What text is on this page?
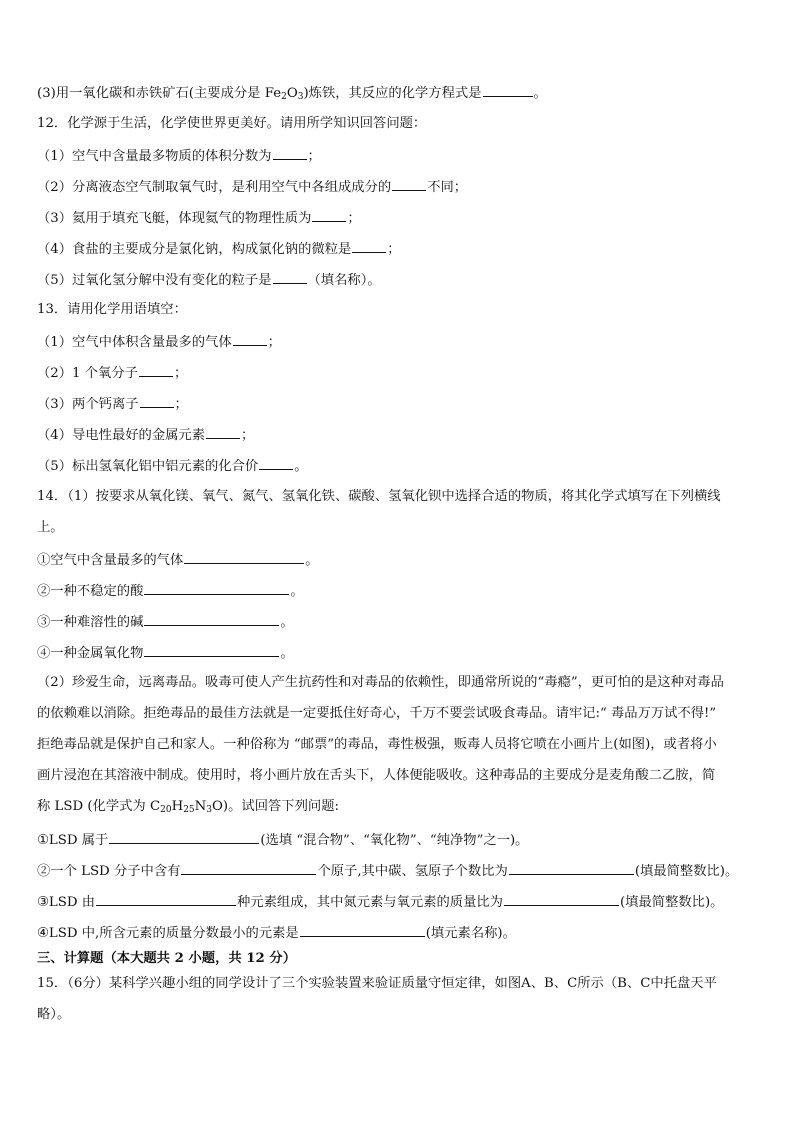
(3)用一氧化碳和赤铁矿石(主要成分是 $Fe_2O_3$)炼铁，其反应的化学方程式是	。
12．化学源于生活，化学使世界更美好。请用所学知识回答问题：
（1）空气中含量最多物质的体积分数为	；
（2）分离液态空气制取氧气时，是利用空气中各组成成分的	不同；
（3）氦用于填充飞艇，体现氦气的物理性质为	；
（4）食盐的主要成分是氯化钠，构成氯化钠的微粒是	；
（5）过氧化氢分解中没有变化的粒子是	（填名称）。
13．请用化学用语填空：
（1）空气中体积含量最多的气体	；
（2）1 个氧分子	；
（3）两个钙离子	；
（4）导电性最好的金属元素	；
（5）标出氢氧化铝中铝元素的化合价	。
14．（1）按要求从氧化镁、氧气、氮气、氢氧化铁、碳酸、氢氧化钡中选择合适的物质，将其化学式填写在下列横线
上。
①空气中含量最多的气体	。
②一种不稳定的酸	。
③一种难溶性的碱	。
④一种金属氧化物	。
（2）珍爱生命，远离毒品。吸毒可使人产生抗药性和对毒品的依赖性，即通常所说的“毒瘾”，更可怕的是这种对毒品
的依赖难以消除。拒绝毒品的最佳方法就是一定要抵住好奇心，千万不要尝试吸食毒品。请牢记:“ 毒品万万试不得!”
拒绝毒品就是保护自己和家人。一种俗称为 “邮票”的毒品，毒性极强，贩毒人员将它喷在小画片上(如图)，或者将小
画片浸泡在其溶液中制成。使用时，将小画片放在舌头下，人体便能吸收。这种毒品的主要成分是麦角酸二乙胺，简
称 LSD (化学式为 $C_{20}H_{25}N_3O$)。试回答下列问题:
①LSD 属于	(选填 “混合物”、“氧化物”、“纯净物”之一)。
②一个 LSD 分子中含有	个原子,其中碳、氢原子个数比为	(填最简整数比)。
③LSD 由	种元素组成，其中氮元素与氧元素的质量比为	(填最简整数比)。
④LSD 中,所含元素的质量分数最小的元素是	(填元素名称)。
三、计算题（本大题共 2 小题，共 12 分）
15．（6分）某科学兴趣小组的同学设计了三个实验装置来验证质量守恒定律，如图A、B、C所示（B、C中托盘天平
略）。
